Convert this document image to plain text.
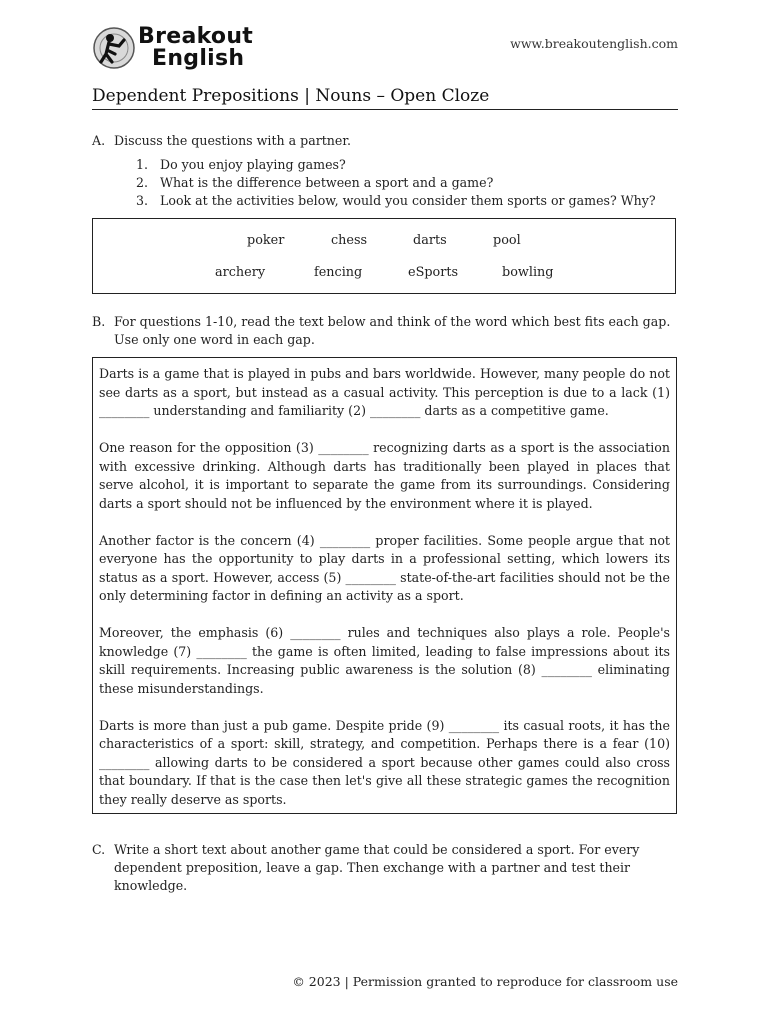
Breakout
English
www.breakoutenglish.com
Dependent Prepositions | Nouns – Open Cloze
A. Discuss the questions with a partner.
1. Do you enjoy playing games?
2. What is the difference between a sport and a game?
3. Look at the activities below, would you consider them sports or games? Why?
poker	chess	darts	pool
archery	fencing	eSports	bowling
B. For questions 1-10, read the text below and think of the word which best fits each gap. Use only one word in each gap.

Darts is a game that is played in pubs and bars worldwide. However, many people do not see darts as a sport, but instead as a casual activity. This perception is due to a lack (1) ________ understanding and familiarity (2) ________ darts as a competitive game.

One reason for the opposition (3) ________ recognizing darts as a sport is the association with excessive drinking. Although darts has traditionally been played in places that serve alcohol, it is important to separate the game from its surroundings. Considering darts a sport should not be influenced by the environment where it is played.

Another factor is the concern (4) ________ proper facilities. Some people argue that not everyone has the opportunity to play darts in a professional setting, which lowers its status as a sport. However, access (5) ________ state-of-the-art facilities should not be the only determining factor in defining an activity as a sport.

Moreover, the emphasis (6) ________ rules and techniques also plays a role. People's knowledge (7) ________ the game is often limited, leading to false impressions about its skill requirements. Increasing public awareness is the solution (8) ________ eliminating these misunderstandings.

Darts is more than just a pub game. Despite pride (9) ________ its casual roots, it has the characteristics of a sport: skill, strategy, and competition. Perhaps there is a fear (10) ________ allowing darts to be considered a sport because other games could also cross that boundary. If that is the case then let's give all these strategic games the recognition they really deserve as sports.

C. Write a short text about another game that could be considered a sport. For every dependent preposition, leave a gap. Then exchange with a partner and test their knowledge.
© 2023 | Permission granted to reproduce for classroom use
